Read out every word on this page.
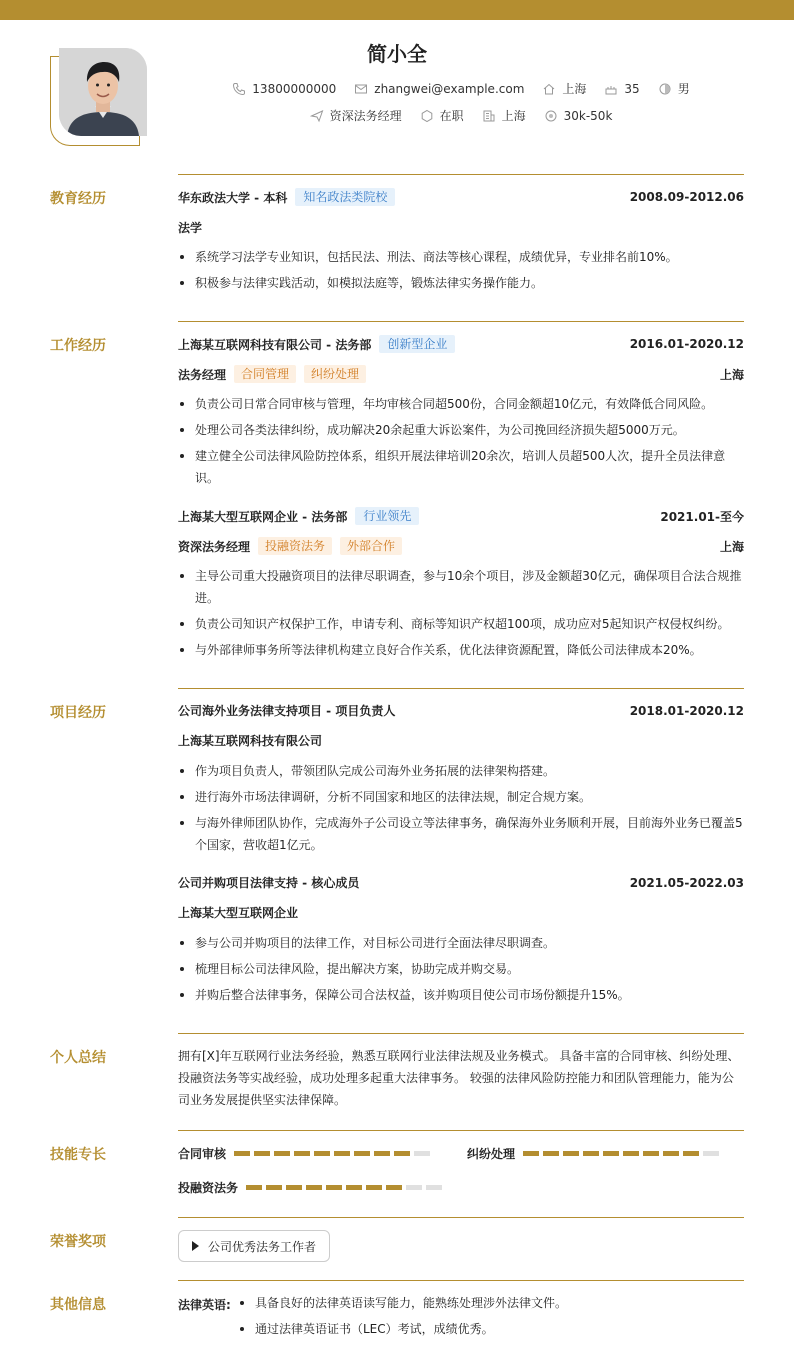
简小全
13800000000	zhangwei@example.com	上海	35	男
资深法务经理	在职	上海	30k-50k
教育经历	华东政法大学 - 本科	知名政法类院校	2008.09-2012.06
法学
系统学习法学专业知识，包括民法、刑法、商法等核心课程，成绩优异，专业排名前10%。
积极参与法律实践活动，如模拟法庭等，锻炼法律实务操作能力。
工作经历	上海某互联网科技有限公司 - 法务部	创新型企业	2016.01-2020.12
法务经理	合同管理	纠纷处理	上海
负责公司日常合同审核与管理，年均审核合同超500份，合同金额超10亿元，有效降低合同风险。
处理公司各类法律纠纷，成功解决20余起重大诉讼案件，为公司挽回经济损失超5000万元。
建立健全公司法律风险防控体系，组织开展法律培训20余次，培训人员超500人次，提升全员法律意识。
上海某大型互联网企业 - 法务部	行业领先	2021.01-至今
资深法务经理	投融资法务	外部合作	上海
主导公司重大投融资项目的法律尽职调查，参与10余个项目，涉及金额超30亿元，确保项目合法合规推进。
负责公司知识产权保护工作，申请专利、商标等知识产权超100项，成功应对5起知识产权侵权纠纷。
与外部律师事务所等法律机构建立良好合作关系，优化法律资源配置，降低公司法律成本20%。
项目经历	公司海外业务法律支持项目 - 项目负责人	2018.01-2020.12
上海某互联网科技有限公司
作为项目负责人，带领团队完成公司海外业务拓展的法律架构搭建。
进行海外市场法律调研，分析不同国家和地区的法律法规，制定合规方案。
与海外律师团队协作，完成海外子公司设立等法律事务，确保海外业务顺利开展，目前海外业务已覆盖5个国家，营收超1亿元。
公司并购项目法律支持 - 核心成员	2021.05-2022.03
上海某大型互联网企业
参与公司并购项目的法律工作，对目标公司进行全面法律尽职调查。
梳理目标公司法律风险，提出解决方案，协助完成并购交易。
并购后整合法律事务，保障公司合法权益，该并购项目使公司市场份额提升15%。
个人总结	拥有[X]年互联网行业法务经验，熟悉互联网行业法律法规及业务模式。 具备丰富的合同审核、纠纷处理、投融资法务等实战经验，成功处理多起重大法律事务。 较强的法律风险防控能力和团队管理能力，能为公司业务发展提供坚实法律保障。
技能专长	合同审核	纠纷处理
投融资法务
荣誉奖项	公司优秀法务工作者
其他信息	法律英语:	具备良好的法律英语读写能力，能熟练处理涉外法律文件。
通过法律英语证书（LEC）考试，成绩优秀。
